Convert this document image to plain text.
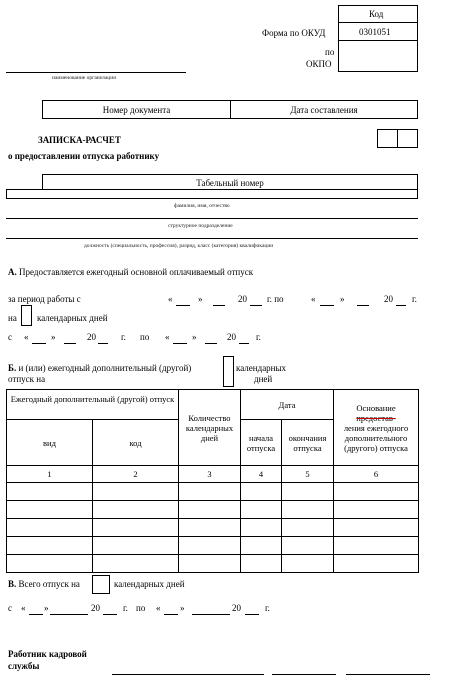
Код
0301051
Форма по ОКУД
по
ОКПО
наименование организации
Номер документа	Дата составления
ЗАПИСКА-РАСЧЕТ
о предоставлении отпуска работнику
Табельный номер
фамилия, имя, отчество
структурное подразделение
должность (специальность, профессия), разряд, класс (категория) квалификации
А. Предоставляется ежегодный основной оплачиваемый отпуск
за период работы с	«	»	20 г. по	«	»	20 г.
на календарных дней
с «	»	20	г. по «	»	20 г.
Б. и (или) ежегодный дополнительный (другой)
отпуск на
календарных
дней
Ежегодный дополнительный (другой) отпуск		Количество календарных дней	Дата		Основание
предостав-
ления ежегодного дополнительного (другого) отпуска
вид	код		начала отпуска	окончания отпуска	
1	2	3	4	5	6

В. Всего отпуск на	календарных дней
с « »	20	г. по « »	20	г.
Работник кадровой
службы
